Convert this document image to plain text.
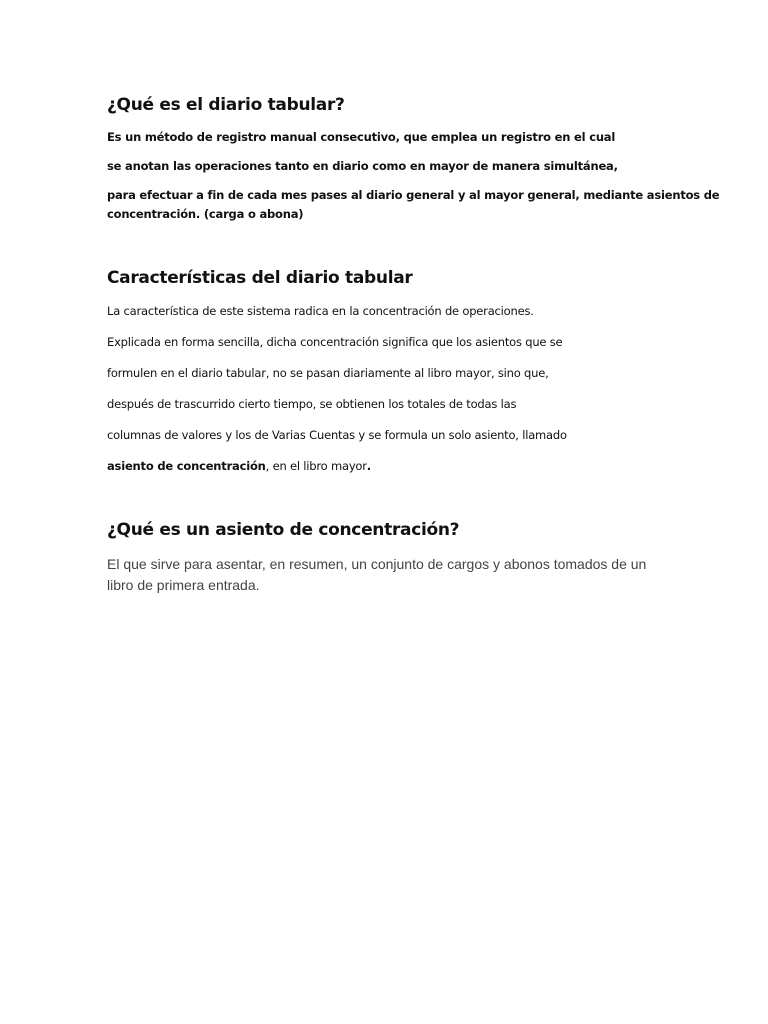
¿Qué es el diario tabular?

Es un método de registro manual consecutivo, que emplea un registro en el cual

se anotan las operaciones tanto en diario como en mayor de manera simultánea,

para efectuar a fin de cada mes pases al diario general y al mayor general, mediante asientos de

concentración. (carga o abona)

Características del diario tabular

La característica de este sistema radica en la concentración de operaciones.

Explicada en forma sencilla, dicha concentración significa que los asientos que se

formulen en el diario tabular, no se pasan diariamente al libro mayor, sino que,

después de trascurrido cierto tiempo, se obtienen los totales de todas las

columnas de valores y los de Varias Cuentas y se formula un solo asiento, llamado

asiento de concentración, en el libro mayor.

¿Qué es un asiento de concentración?

El que sirve para asentar, en resumen, un conjunto de cargos y abonos tomados de un libro de primera entrada.
